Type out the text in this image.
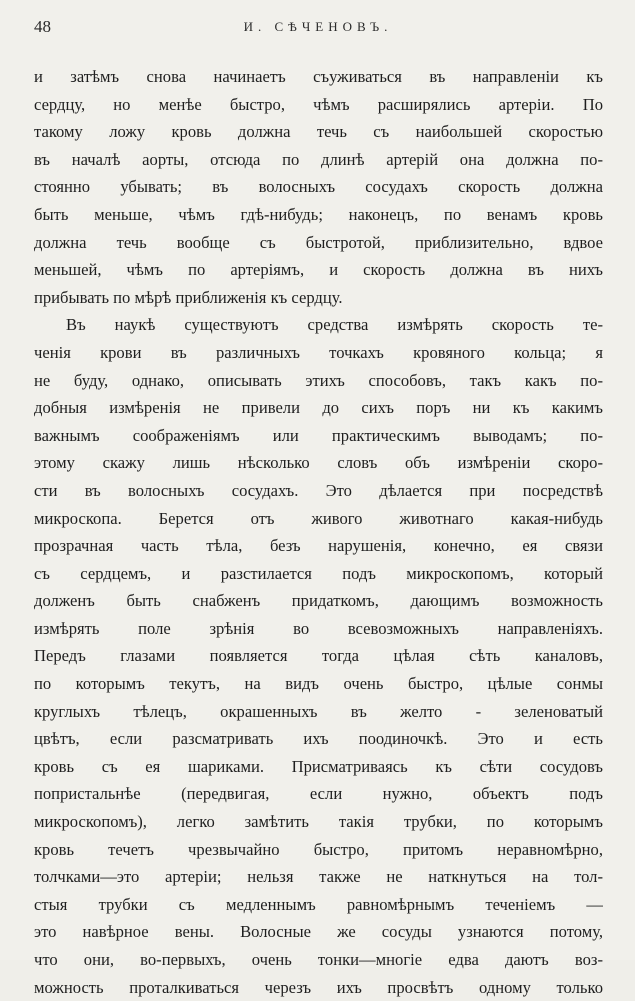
48	И. СѢЧЕНОВЪ.
и затѣмъ снова начинаетъ съуживаться въ направленіи къ
сердцу, но менѣе быстро, чѣмъ расширялись артеріи. По
такому ложу кровь должна течь съ наибольшей скоростью
въ началѣ аорты, отсюда по длинѣ артерій она должна по-
стоянно убывать; въ волосныхъ сосудахъ скорость должна
быть меньше, чѣмъ гдѣ-нибудь; наконецъ, по венамъ кровь
должна течь вообще съ быстротой, приблизительно, вдвое
меньшей, чѣмъ по артеріямъ, и скорость должна въ нихъ
прибывать по мѣрѣ приближенія къ сердцу.
Въ наукѣ существуютъ средства измѣрять скорость те-
ченія крови въ различныхъ точкахъ кровяного кольца; я
не буду, однако, описывать этихъ способовъ, такъ какъ по-
добныя измѣренія не привели до сихъ поръ ни къ какимъ
важнымъ соображеніямъ или практическимъ выводамъ; по-
этому скажу лишь нѣсколько словъ объ измѣреніи скоро-
сти въ волосныхъ сосудахъ. Это дѣлается при посредствѣ
микроскопа. Берется отъ живого животнаго какая-нибудь
прозрачная часть тѣла, безъ нарушенія, конечно, ея связи
съ сердцемъ, и разстилается подъ микроскопомъ, который
долженъ быть снабженъ придаткомъ, дающимъ возможность
измѣрять поле зрѣнія во всевозможныхъ направленіяхъ.
Передъ глазами появляется тогда цѣлая сѣть каналовъ,
по которымъ текутъ, на видъ очень быстро, цѣлые сонмы
круглыхъ тѣлецъ, окрашенныхъ въ желто - зеленоватый
цвѣтъ, если разсматривать ихъ поодиночкѣ. Это и есть
кровь съ ея шариками. Присматриваясь къ сѣти сосудовъ
попристальнѣе (передвигая, если нужно, объектъ подъ
микроскопомъ), легко замѣтить такія трубки, по которымъ
кровь течетъ чрезвычайно быстро, притомъ неравномѣрно,
толчками—это артеріи; нельзя также не наткнуться на тол-
стыя трубки съ медленнымъ равномѣрнымъ теченіемъ —
это навѣрное вены. Волосные же сосуды узнаются потому,
что они, во-первыхъ, очень тонки—многіе едва даютъ воз-
можность проталкиваться черезъ ихъ просвѣтъ одному только
